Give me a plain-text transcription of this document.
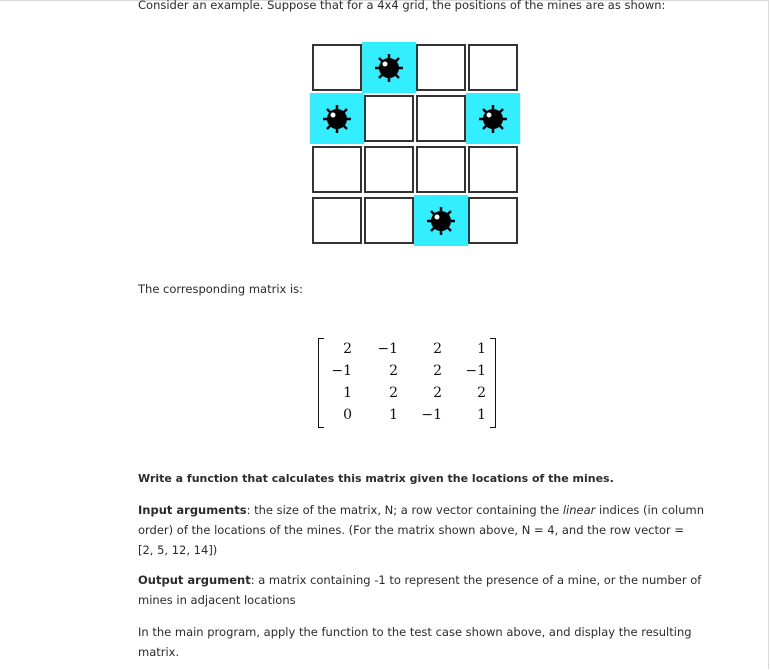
Consider an example. Suppose that for a 4x4 grid, the positions of the mines are as shown:
The corresponding matrix is:
2	−1	2	1
−1	2	2	−1
1	2	2	2
0	1	−1	1
Write a function that calculates this matrix given the locations of the mines.
Input arguments: the size of the matrix, N; a row vector containing the linear indices (in column
order) of the locations of the mines. (For the matrix shown above, N = 4, and the row vector =
[2, 5, 12, 14])
Output argument: a matrix containing -1 to represent the presence of a mine, or the number of
mines in adjacent locations
In the main program, apply the function to the test case shown above, and display the resulting
matrix.
